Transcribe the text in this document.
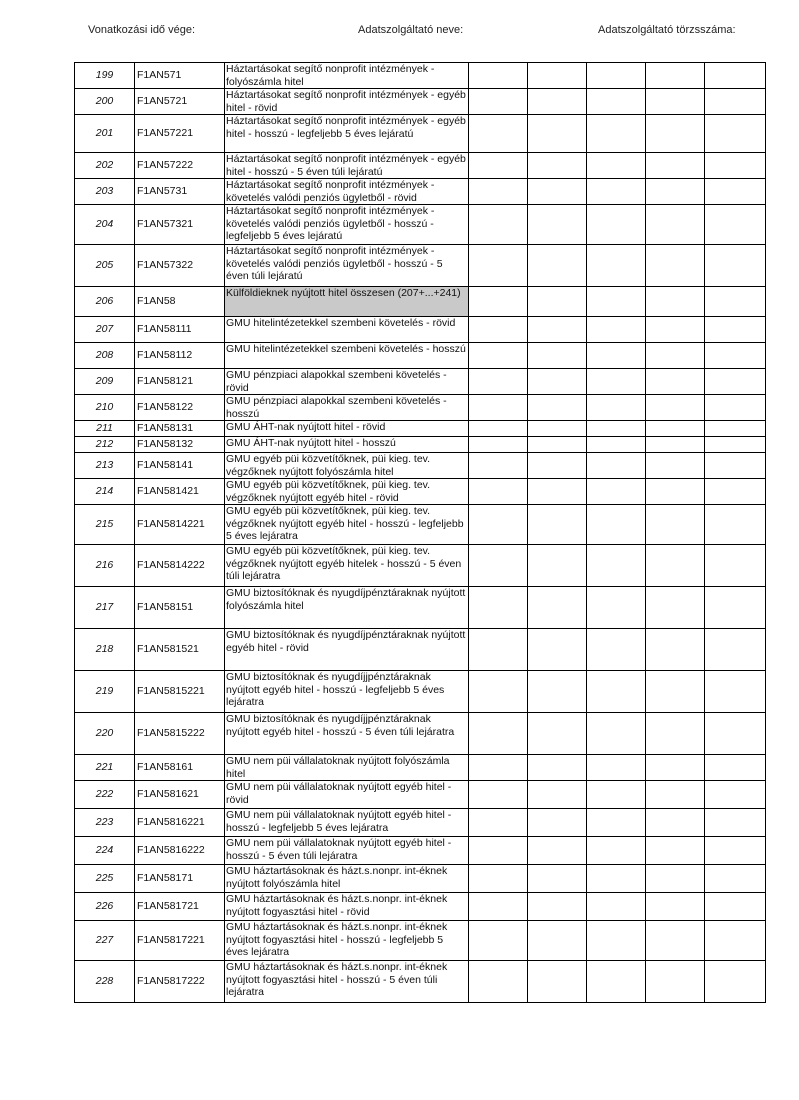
Vonatkozási idő vége:	Adatszolgáltató neve:	Adatszolgáltató törzsszáma:
199	F1AN571	Háztartásokat segítő nonprofit intézmények - folyószámla hitel					
200	F1AN5721	Háztartásokat segítő nonprofit intézmények - egyéb hitel - rövid					
201	F1AN57221	Háztartásokat segítő nonprofit intézmények - egyéb hitel - hosszú - legfeljebb 5 éves lejáratú					
202	F1AN57222	Háztartásokat segítő nonprofit intézmények - egyéb hitel - hosszú - 5 éven túli lejáratú					
203	F1AN5731	Háztartásokat segítő nonprofit intézmények - követelés valódi penziós ügyletből - rövid					
204	F1AN57321	Háztartásokat segítő nonprofit intézmények - követelés valódi penziós ügyletből - hosszú - legfeljebb 5 éves lejáratú					
205	F1AN57322	Háztartásokat segítő nonprofit intézmények - követelés valódi penziós ügyletből - hosszú - 5 éven túli lejáratú					
206	F1AN58	Külföldieknek nyújtott hitel összesen (207+...+241)					
207	F1AN58111	GMU hitelintézetekkel szembeni követelés - rövid					
208	F1AN58112	GMU hitelintézetekkel szembeni követelés - hosszú					
209	F1AN58121	GMU pénzpiaci alapokkal szembeni követelés - rövid					
210	F1AN58122	GMU pénzpiaci alapokkal szembeni követelés - hosszú					
211	F1AN58131	GMU ÁHT-nak nyújtott hitel - rövid					
212	F1AN58132	GMU ÁHT-nak nyújtott hitel - hosszú					
213	F1AN58141	GMU egyéb püi közvetítőknek, püi kieg. tev. végzőknek nyújtott folyószámla hitel					
214	F1AN581421	GMU egyéb püi közvetítőknek, püi kieg. tev. végzőknek nyújtott egyéb hitel - rövid					
215	F1AN5814221	GMU egyéb püi közvetítőknek, püi kieg. tev. végzőknek nyújtott egyéb hitel - hosszú - legfeljebb 5 éves lejáratra					
216	F1AN5814222	GMU egyéb püi közvetítőknek, püi kieg. tev. végzőknek nyújtott egyéb hitelek - hosszú - 5 éven túli lejáratra					
217	F1AN58151	GMU biztosítóknak és nyugdíjpénztáraknak nyújtott folyószámla hitel					
218	F1AN581521	GMU biztosítóknak és nyugdíjpénztáraknak nyújtott egyéb hitel - rövid					
219	F1AN5815221	GMU biztosítóknak és nyugdíjjpénztáraknak nyújtott egyéb hitel - hosszú - legfeljebb 5 éves lejáratra					
220	F1AN5815222	GMU biztosítóknak és nyugdíjjpénztáraknak nyújtott egyéb hitel - hosszú - 5 éven túli lejáratra					
221	F1AN58161	GMU nem püi vállalatoknak nyújtott folyószámla hitel					
222	F1AN581621	GMU nem püi vállalatoknak nyújtott egyéb hitel - rövid					
223	F1AN5816221	GMU nem püi vállalatoknak nyújtott egyéb hitel - hosszú - legfeljebb 5 éves lejáratra					
224	F1AN5816222	GMU nem püi vállalatoknak nyújtott egyéb hitel - hosszú - 5 éven túli lejáratra					
225	F1AN58171	GMU háztartásoknak és házt.s.nonpr. int-éknek nyújtott folyószámla hitel					
226	F1AN581721	GMU háztartásoknak és házt.s.nonpr. int-éknek nyújtott fogyasztási hitel - rövid					
227	F1AN5817221	GMU háztartásoknak és házt.s.nonpr. int-éknek nyújtott fogyasztási hitel - hosszú - legfeljebb 5 éves lejáratra					
228	F1AN5817222	GMU háztartásoknak és házt.s.nonpr. int-éknek nyújtott fogyasztási hitel - hosszú - 5 éven túli lejáratra					
